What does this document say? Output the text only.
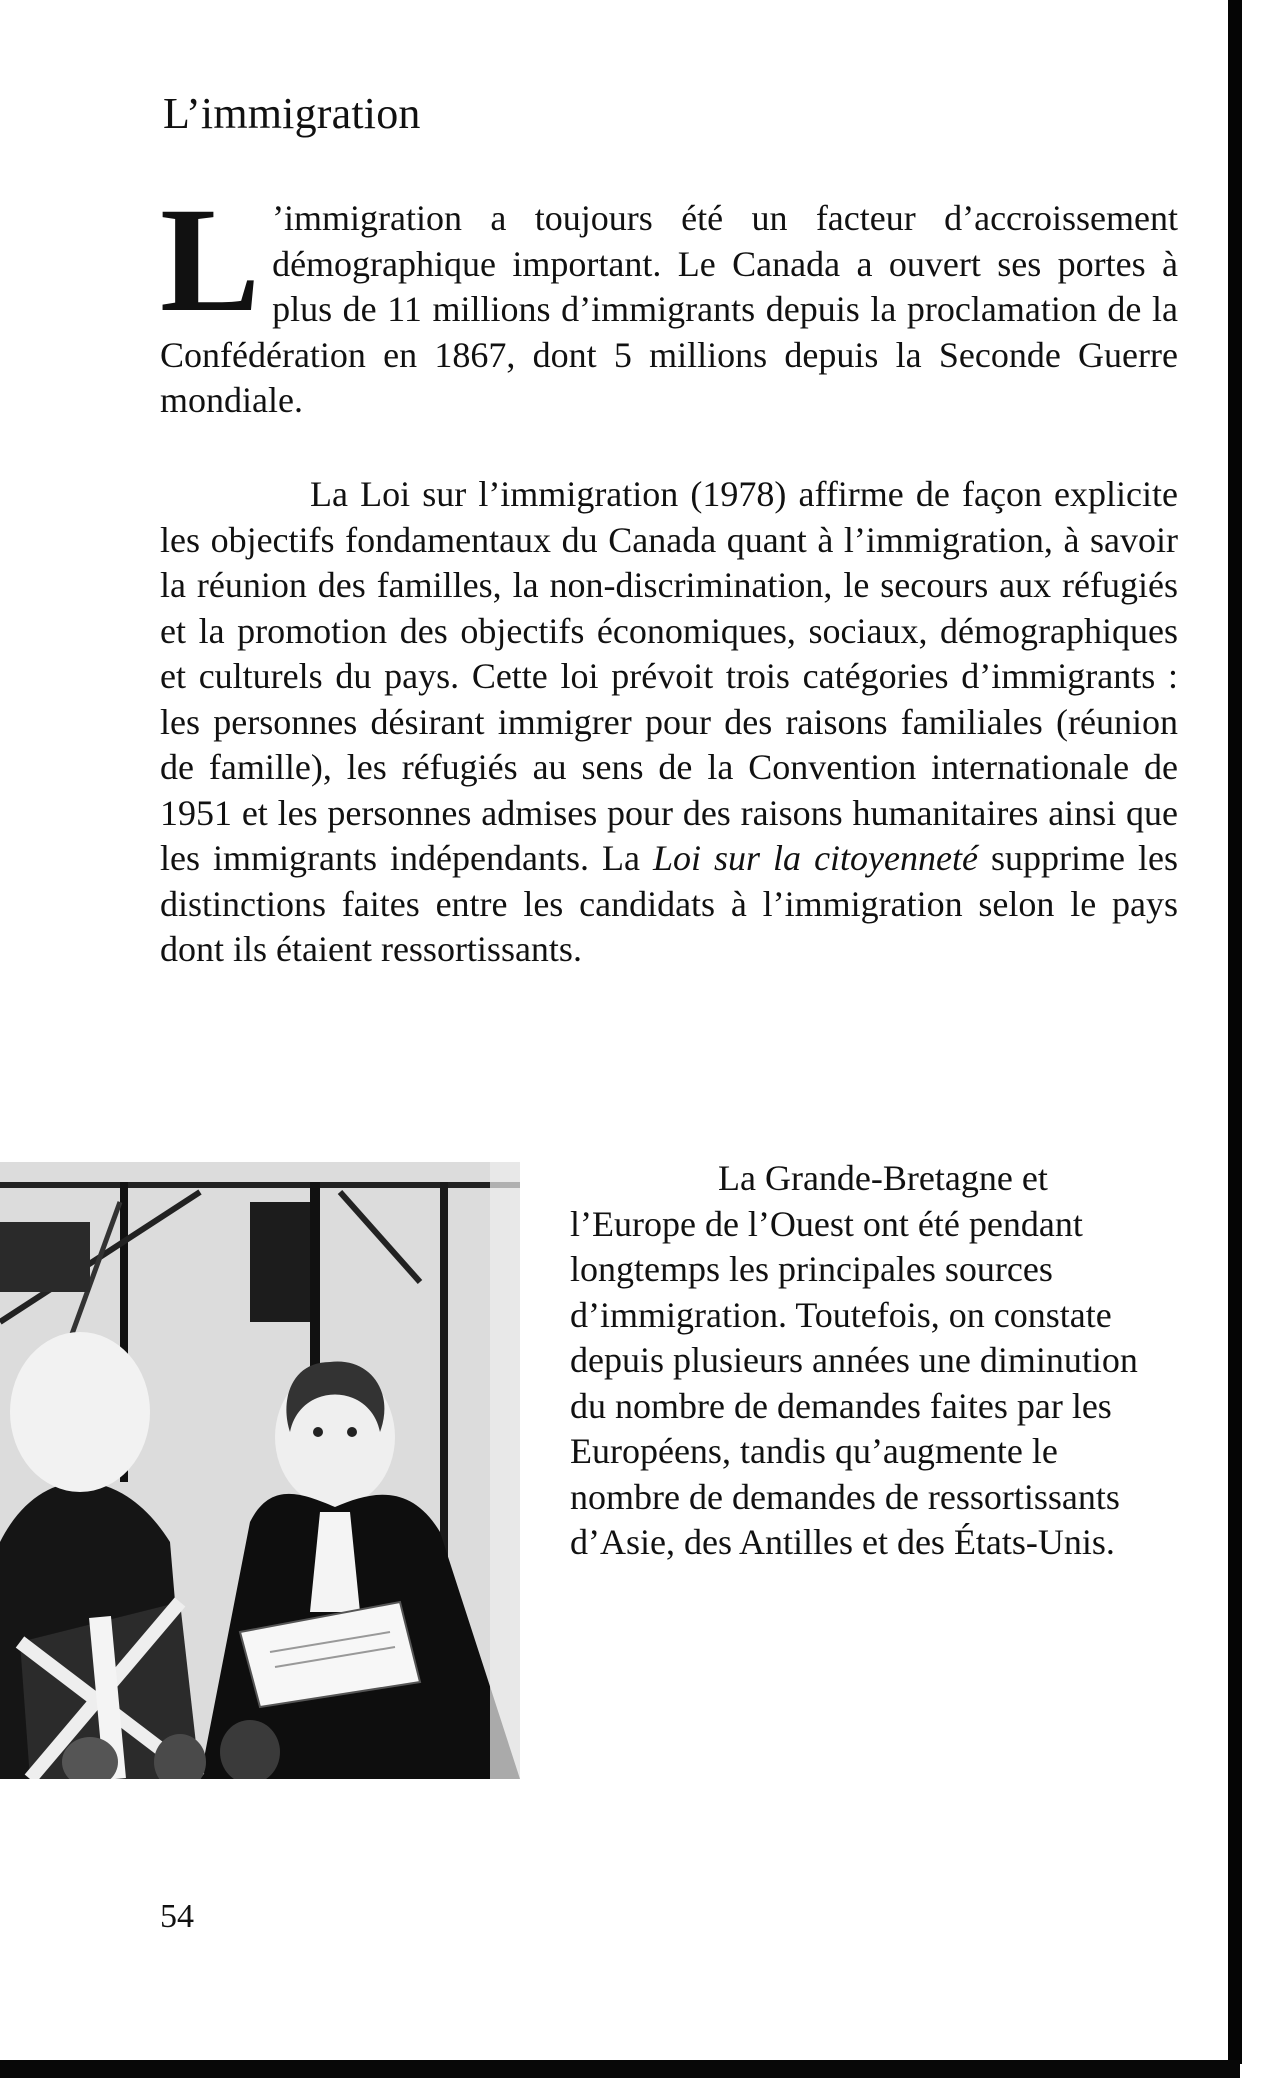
L’immigration

L ’immigration a toujours été un facteur d’accroissement démographique important. Le Canada a ouvert ses portes à plus de 11 millions d’immigrants depuis la proclamation de la Confédération en 1867, dont 5 millions depuis la Seconde Guerre mondiale.

La Loi sur l’immigration (1978) affirme de façon explicite les objectifs fondamentaux du Canada quant à l’immigration, à savoir la réunion des familles, la non-discrimination, le secours aux réfugiés et la promotion des objectifs économiques, sociaux, démographiques et culturels du pays. Cette loi prévoit trois catégories d’immigrants : les personnes désirant immigrer pour des raisons familiales (réunion de famille), les réfugiés au sens de la Convention internationale de 1951 et les personnes admises pour des raisons humanitaires ainsi que les immigrants indépendants. La Loi sur la citoyenneté supprime les distinctions faites entre les candidats à l’immigration selon le pays dont ils étaient ressortissants.

La Grande-Bretagne et l’Europe de l’Ouest ont été pendant longtemps les principales sources d’immigration. Toutefois, on constate depuis plusieurs années une diminution du nombre de demandes faites par les Européens, tandis qu’augmente le nombre de demandes de ressortissants d’Asie, des Antilles et des États-Unis.

54
